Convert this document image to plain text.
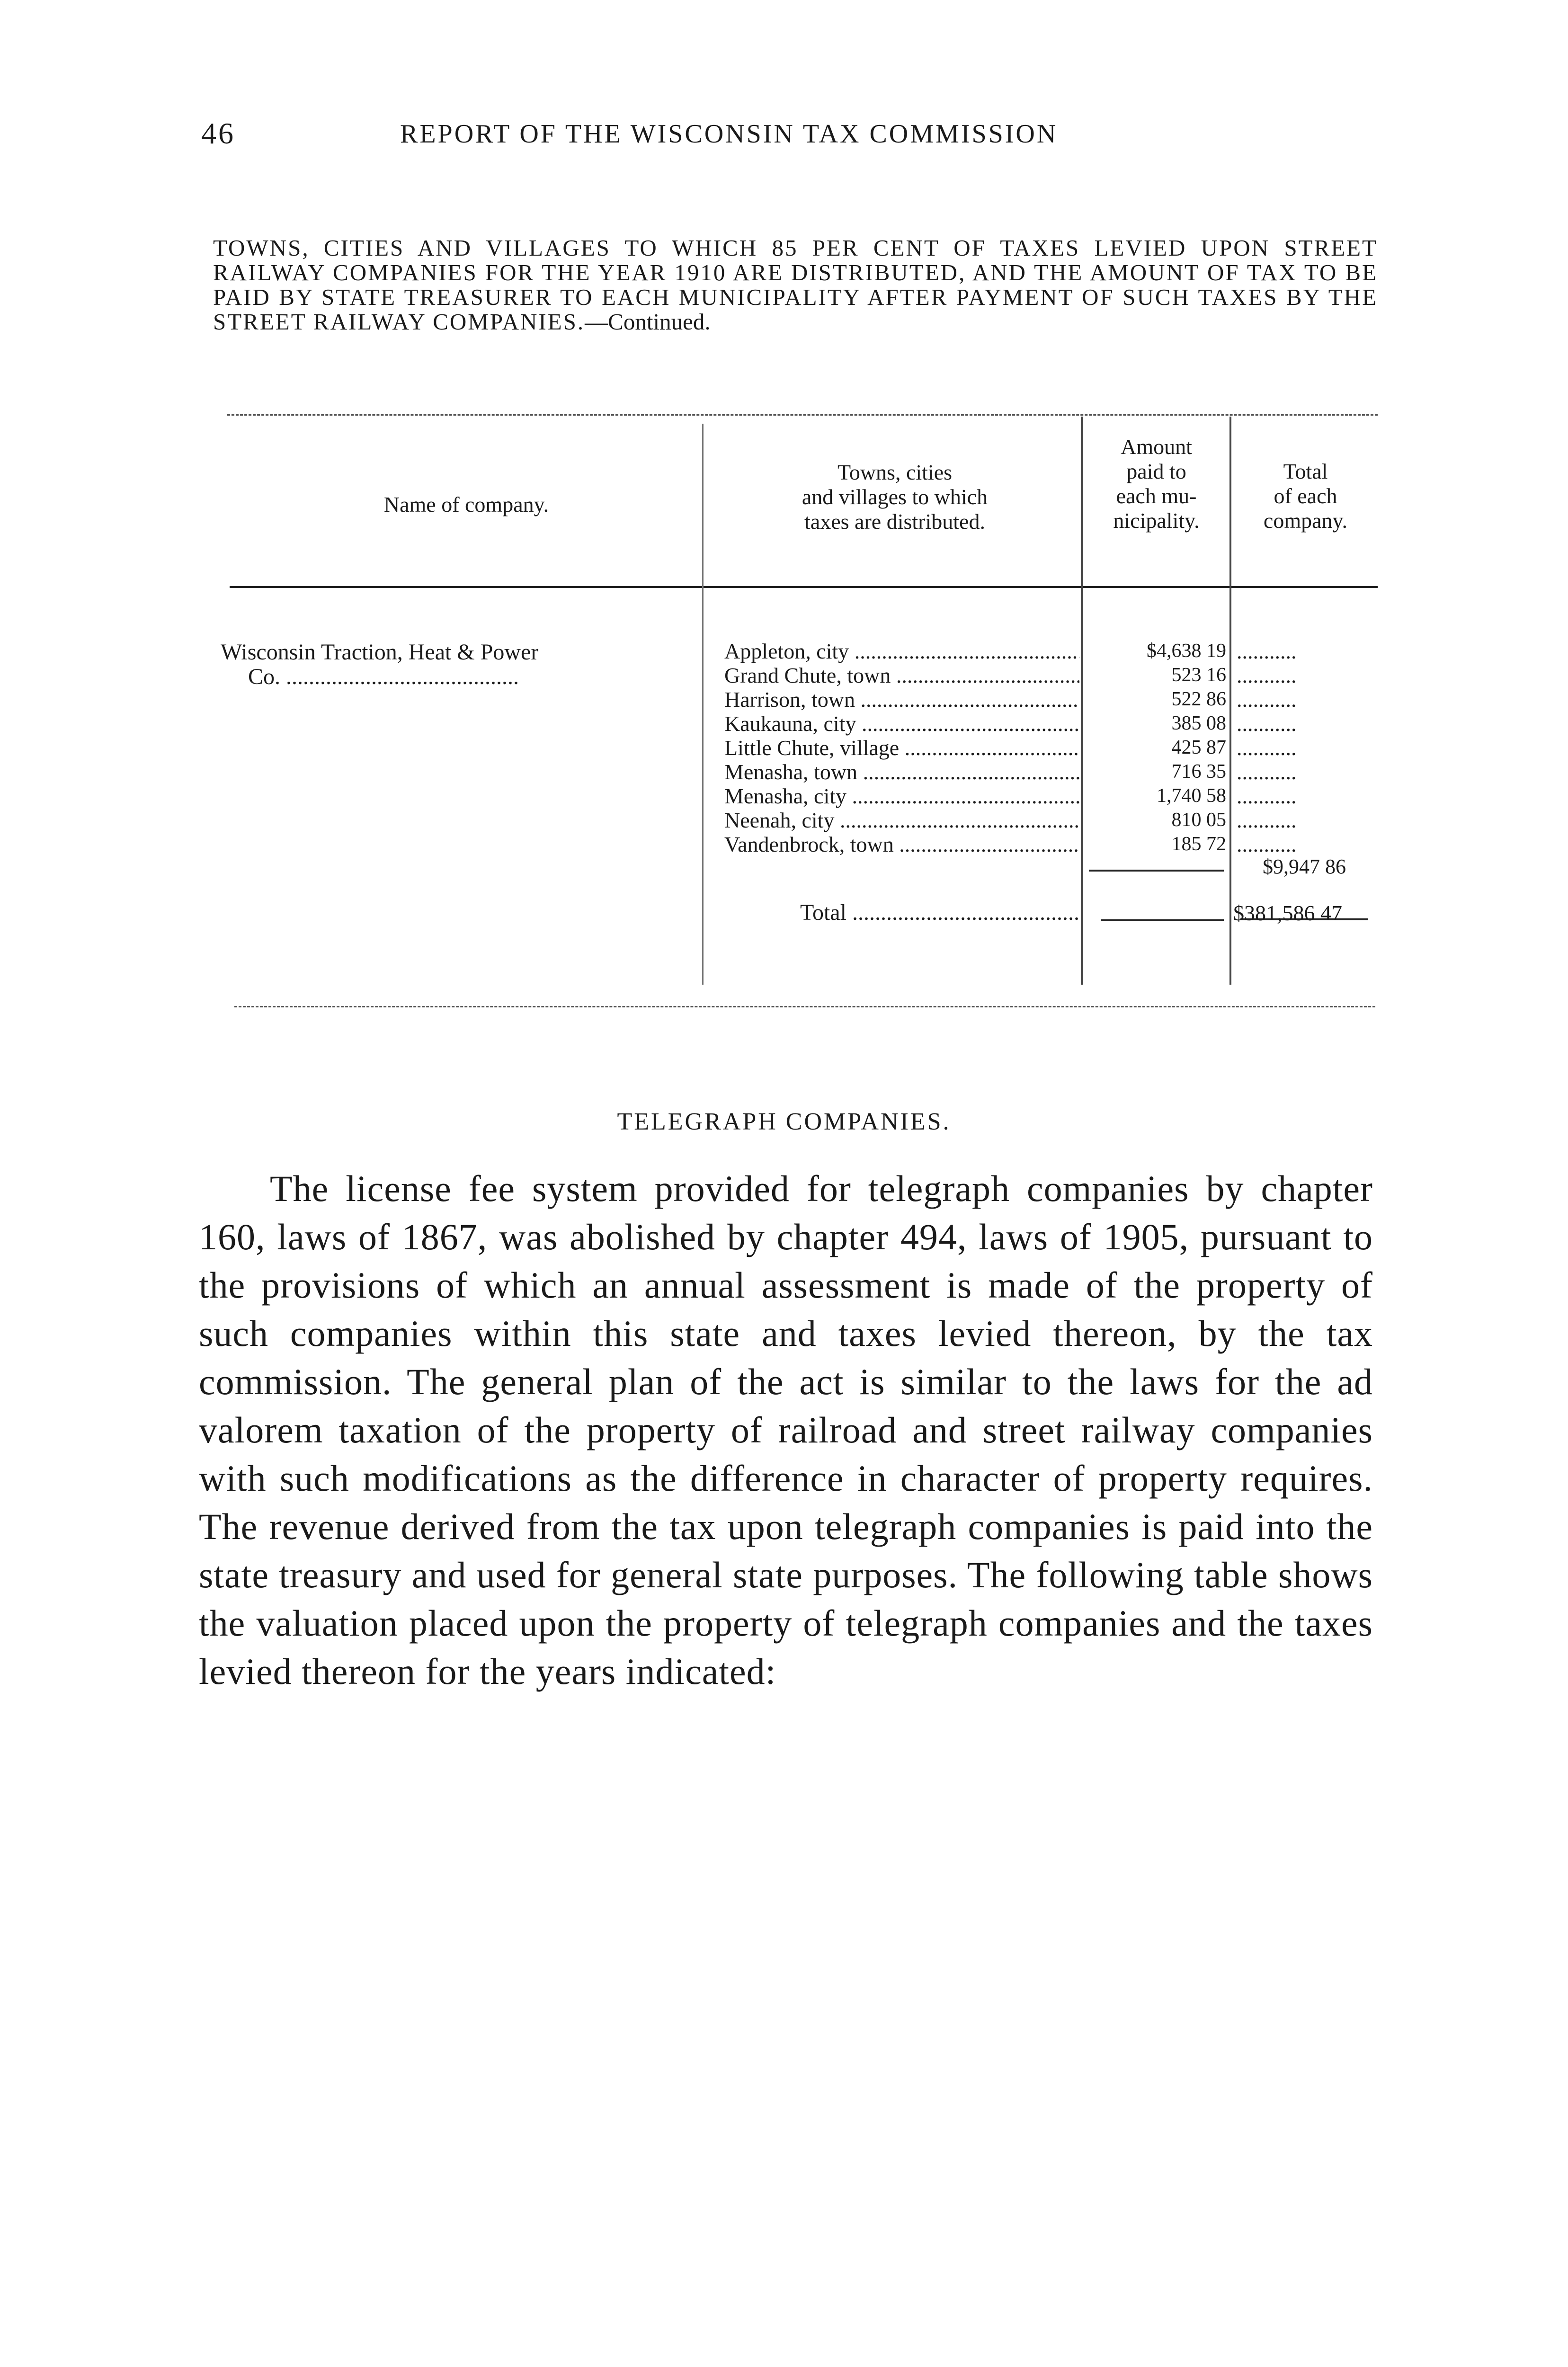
46	REPORT OF THE WISCONSIN TAX COMMISSION
TOWNS, CITIES AND VILLAGES TO WHICH 85 PER CENT OF TAXES LEVIED UPON STREET RAILWAY COMPANIES FOR THE YEAR 1910 ARE DISTRIBUTED, AND THE AMOUNT OF TAX TO BE PAID BY STATE TREASURER TO EACH MUNICIPALITY AFTER PAYMENT OF SUCH TAXES BY THE STREET RAILWAY COMPANIES.—Continued.
Name of company.
Towns, cities
and villages to which
taxes are distributed.
Amount
paid to
each mu-
nicipality.
Total
of each
company.
Wisconsin Traction, Heat & Power
Co. .........................................
Appleton, city .....
Grand Chute, town .....
Harrison, town .....
Kaukauna, city .....
Little Chute, village .....
Menasha, town .....
Menasha, city .....
Neenah, city .....
Vandenbrock, town .....
$4,638 19
523 16
522 86
385 08
425 87
716 35
1,740 58
810 05
185 72
...........
...........
...........
...........
...........
...........
...........
...........
...........
$9,947 86
Total .....	$381,586 47
TELEGRAPH COMPANIES.
The license fee system provided for telegraph companies by chapter 160, laws of 1867, was abolished by chapter 494, laws of 1905, pursuant to the provisions of which an annual assessment is made of the property of such companies within this state and taxes levied thereon, by the tax commission. The general plan of the act is similar to the laws for the ad valorem taxation of the property of railroad and street railway companies with such modifications as the difference in character of property requires. The revenue derived from the tax upon telegraph companies is paid into the state treasury and used for general state purposes. The following table shows the valuation placed upon the property of telegraph companies and the taxes levied thereon for the years indicated:
